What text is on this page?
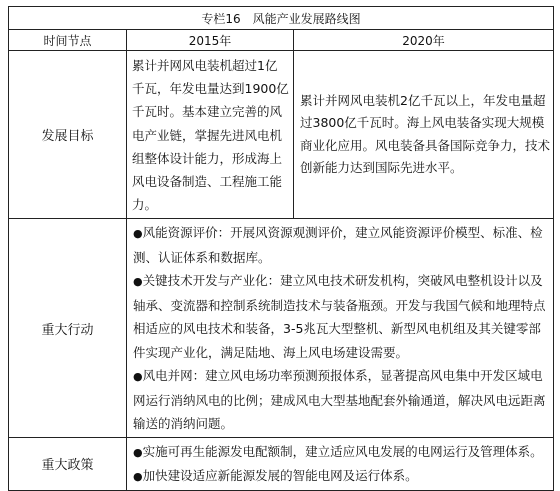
专栏16　风能产业发展路线图		
时间节点	2015年	2020年
发展目标	累计并网风电装机超过1亿千瓦，年发电量达到1900亿千瓦时。基本建立完善的风电产业链，掌握先进风电机组整体设计能力，形成海上风电设备制造、工程施工能力。	累计并网风电装机2亿千瓦以上，年发电量超过3800亿千瓦时。海上风电装备实现大规模商业化应用。风电装备具备国际竞争力，技术创新能力达到国际先进水平。
重大行动	●风能资源评价：开展风资源观测评价，建立风能资源评价模型、标准、检测、认证体系和数据库。

●关键技术开发与产业化：建立风电技术研发机构，突破风电整机设计以及轴承、变流器和控制系统制造技术与装备瓶颈。开发与我国气候和地理特点相适应的风电技术和装备，3-5兆瓦大型整机、新型风电机组及其关键零部件实现产业化，满足陆地、海上风电场建设需要。

●风电并网：建立风电场功率预测预报体系，显著提高风电集中开发区域电网运行消纳风电的比例；建成风电大型基地配套外输通道，解决风电远距离输送的消纳问题。	

重大政策	●实施可再生能源发电配额制，建立适应风电发展的电网运行及管理体系。

●加快建设适应新能源发展的智能电网及运行体系。	
